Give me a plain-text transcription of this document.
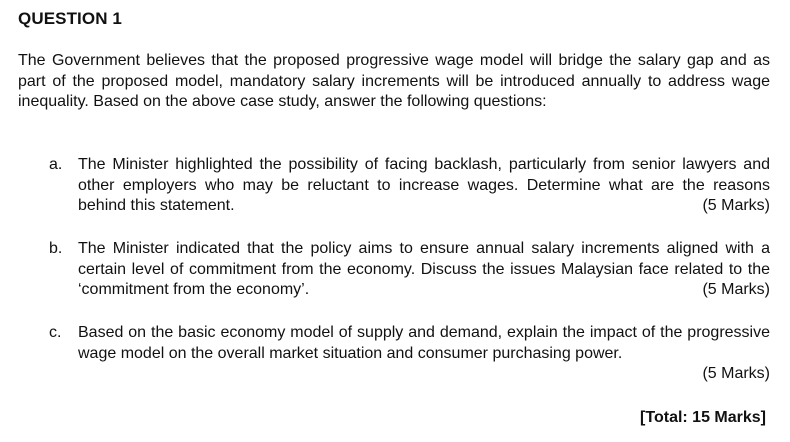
QUESTION 1
The Government believes that the proposed progressive wage model will bridge the salary gap and as part of the proposed model, mandatory salary increments will be introduced annually to address wage inequality. Based on the above case study, answer the following questions:
a. The Minister highlighted the possibility of facing backlash, particularly from senior lawyers and other employers who may be reluctant to increase wages. Determine what are the reasons behind this statement.	(5 Marks)
b. The Minister indicated that the policy aims to ensure annual salary increments aligned with a certain level of commitment from the economy. Discuss the issues Malaysian face related to the ‘commitment from the economy’.	(5 Marks)
c. Based on the basic economy model of supply and demand, explain the impact of the progressive wage model on the overall market situation and consumer purchasing power.
(5 Marks)
[Total: 15 Marks]
